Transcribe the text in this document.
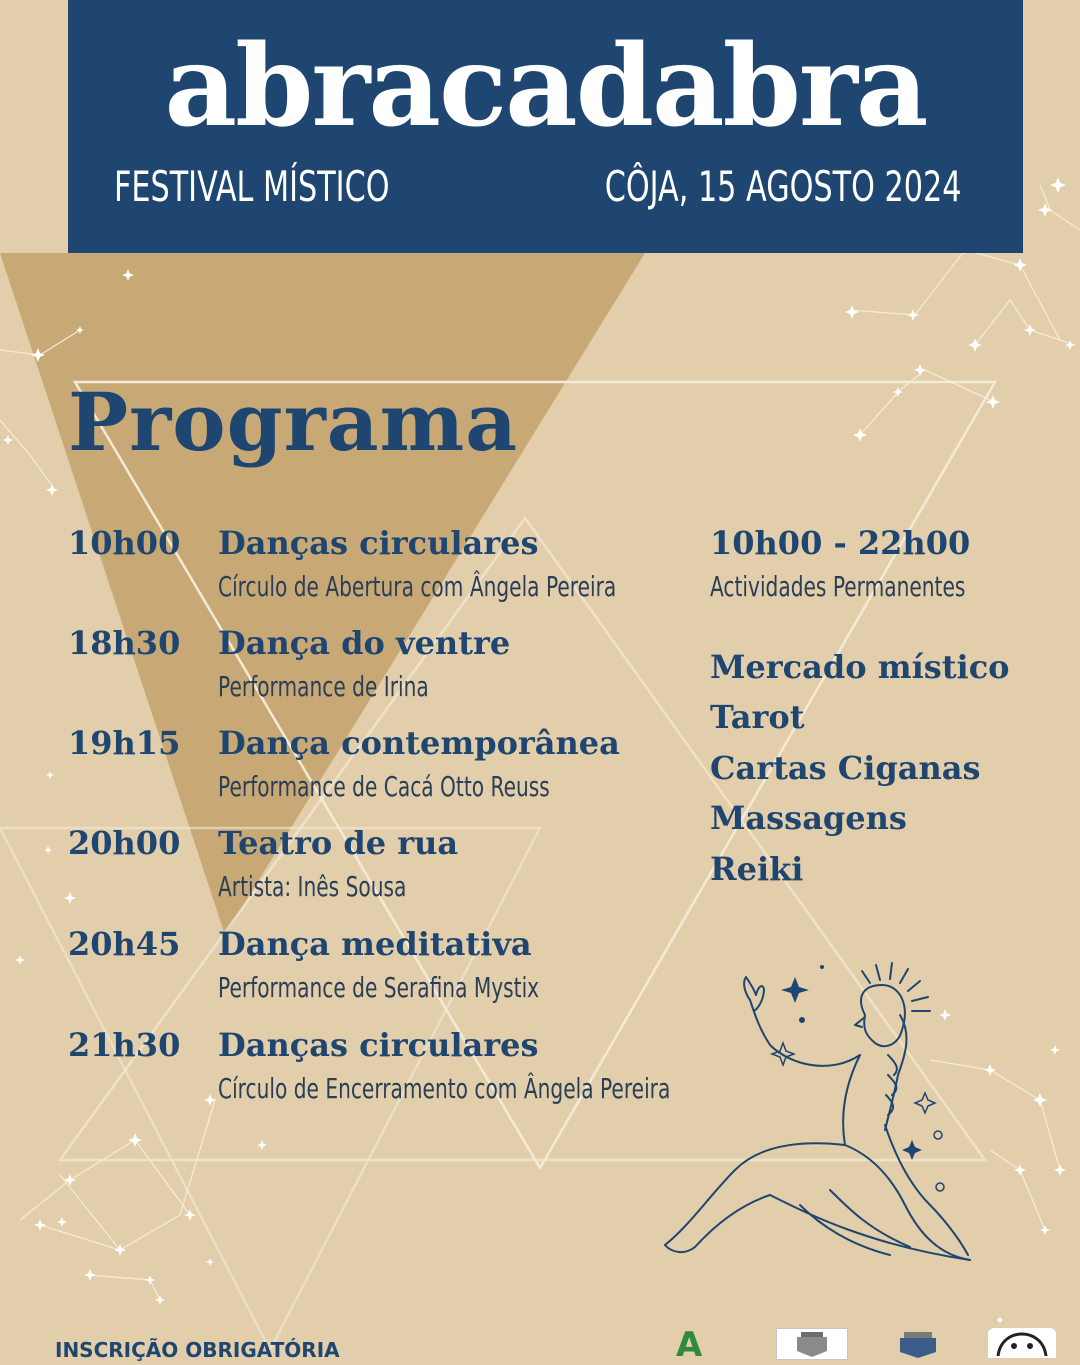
abracadabra
FESTIVAL MÍSTICO	CÔJA, 15 AGOSTO 2024
Programa
10h00 Danças circulares
Círculo de Abertura com Ângela Pereira
18h30 Dança do ventre
Performance de Irina
19h15 Dança contemporânea
Performance de Cacá Otto Reuss
20h00 Teatro de rua
Artista: Inês Sousa
20h45 Dança meditativa
Performance de Serafina Mystix
21h30 Danças circulares
Círculo de Encerramento com Ângela Pereira
10h00 - 22h00
Actividades Permanentes
Mercado místico
Tarot
Cartas Ciganas
Massagens
Reiki
INSCRIÇÃO OBRIGATÓRIA	A
